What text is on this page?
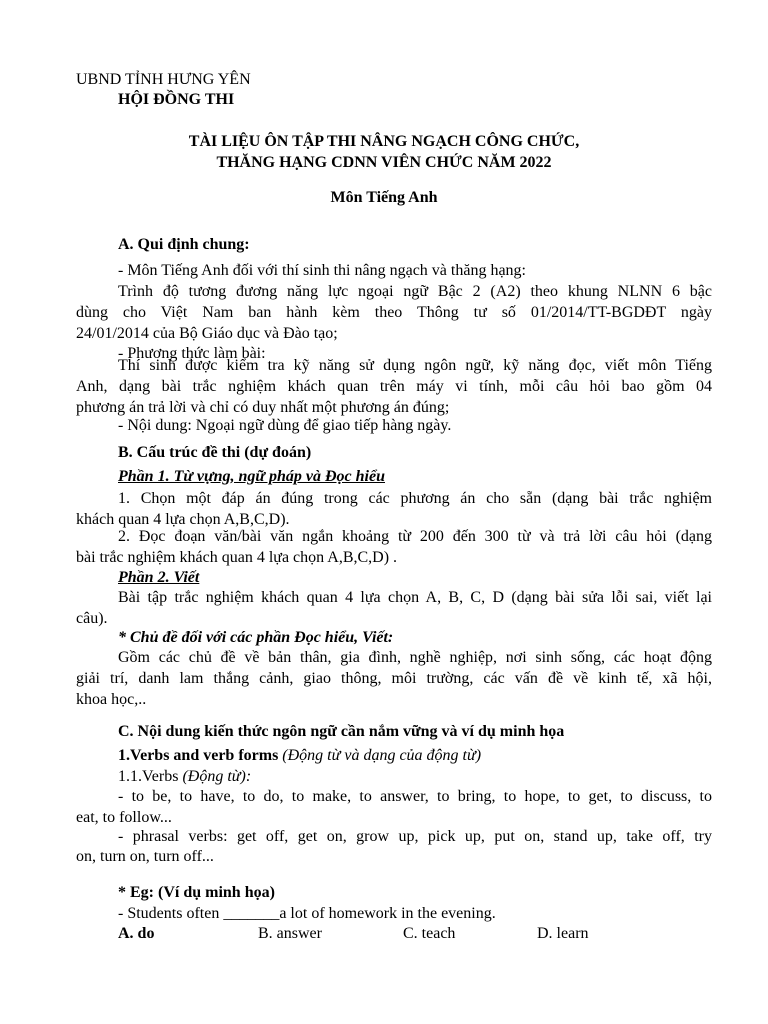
UBND TỈNH HƯNG YÊN
HỘI ĐỒNG THI
TÀI LIỆU ÔN TẬP THI NÂNG NGẠCH CÔNG CHỨC,
THĂNG HẠNG CDNN VIÊN CHỨC NĂM 2022
Môn Tiếng Anh
A. Qui định chung:
- Môn Tiếng Anh đối với thí sinh thi nâng ngạch và thăng hạng:
Trình độ tương đương năng lực ngoại ngữ Bậc 2 (A2) theo khung NLNN 6 bậc
dùng cho Việt Nam ban hành kèm theo Thông tư số 01/2014/TT-BGDĐT ngày
24/01/2014 của Bộ Giáo dục và Đào tạo;
- Phương thức làm bài:
Thí sinh được kiểm tra kỹ năng sử dụng ngôn ngữ, kỹ năng đọc, viết môn Tiếng
Anh, dạng bài trắc nghiệm khách quan trên máy vi tính, mỗi câu hỏi bao gồm 04
phương án trả lời và chỉ có duy nhất một phương án đúng;
- Nội dung: Ngoại ngữ dùng để giao tiếp hàng ngày.
B. Cấu trúc đề thi (dự đoán)
Phần 1. Từ vựng, ngữ pháp và Đọc hiểu
1. Chọn một đáp án đúng trong các phương án cho sẵn (dạng bài trắc nghiệm
khách quan 4 lựa chọn A,B,C,D).
2. Đọc đoạn văn/bài văn ngắn khoảng từ 200 đến 300 từ và trả lời câu hỏi (dạng
bài trắc nghiệm khách quan 4 lựa chọn A,B,C,D) .
Phần 2. Viết
Bài tập trắc nghiệm khách quan 4 lựa chọn A, B, C, D (dạng bài sửa lỗi sai, viết lại
câu).
* Chủ đề đối với các phần Đọc hiểu, Viết:
Gồm các chủ đề về bản thân, gia đình, nghề nghiệp, nơi sinh sống, các hoạt động
giải trí, danh lam thắng cảnh, giao thông, môi trường, các vấn đề về kinh tế, xã hội,
khoa học,..
C. Nội dung kiến thức ngôn ngữ cần nắm vững và ví dụ minh họa
1.Verbs and verb forms (Động từ và dạng của động từ)
1.1.Verbs (Động từ):
- to be, to have, to do, to make, to answer, to bring, to hope, to get, to discuss, to
eat, to follow...
- phrasal verbs: get off, get on, grow up, pick up, put on, stand up, take off, try
on, turn on, turn off...
* Eg: (Ví dụ minh họa)
- Students often _______a lot of homework in the evening.
A. do	B. answer	C. teach	D. learn
